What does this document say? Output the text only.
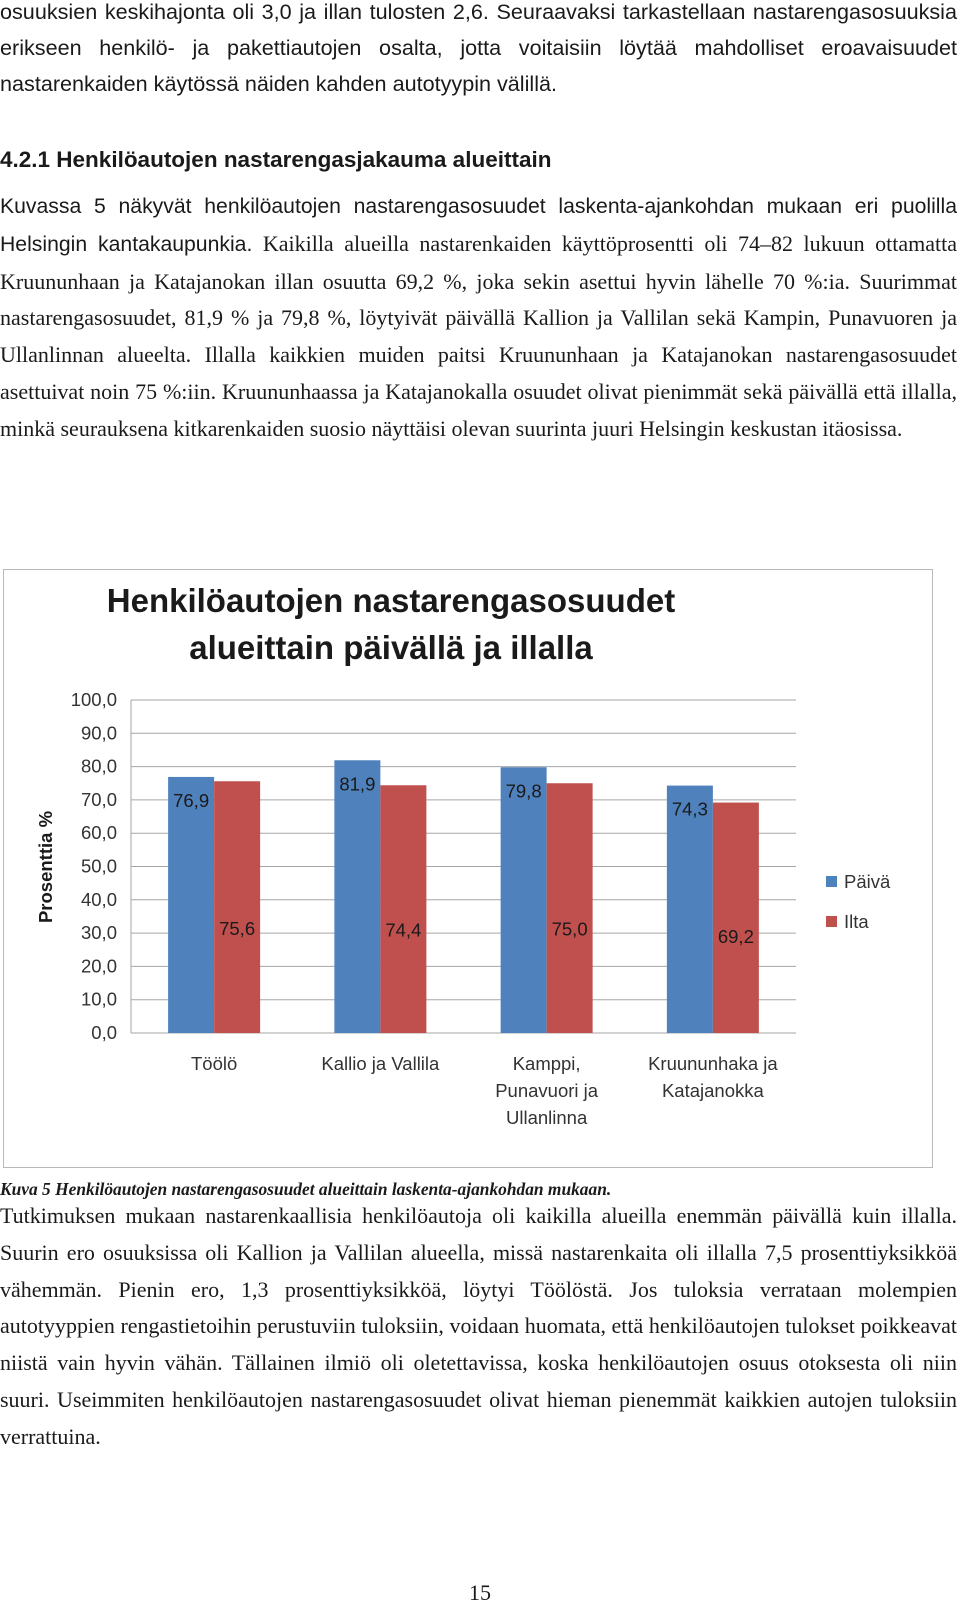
osuuksien keskihajonta oli 3,0 ja illan tulosten 2,6. Seuraavaksi tarkastellaan nastarengasosuuksia erikseen henkilö- ja pakettiautojen osalta, jotta voitaisiin löytää mahdolliset eroavaisuudet nastarenkaiden käytössä näiden kahden autotyypin välillä.
4.2.1 Henkilöautojen nastarengasjakauma alueittain
Kuvassa 5 näkyvät henkilöautojen nastarengasosuudet laskenta-ajankohdan mukaan eri puolilla Helsingin kantakaupunkia. Kaikilla alueilla nastarenkaiden käyttöprosentti oli 74–82 lukuun ottamatta Kruununhaan ja Katajanokan illan osuutta 69,2 %, joka sekin asettui hyvin lähelle 70 %:ia. Suurimmat nastarengasosuudet, 81,9 % ja 79,8 %, löytyivät päivällä Kallion ja Vallilan sekä Kampin, Punavuoren ja Ullanlinnan alueelta. Illalla kaikkien muiden paitsi Kruununhaan ja Katajanokan nastarengasosuudet asettuivat noin 75 %:iin. Kruununhaassa ja Katajanokalla osuudet olivat pienimmät sekä päivällä että illalla, minkä seurauksena kitkarenkaiden suosio näyttäisi olevan suurinta juuri Helsingin keskustan itäosissa.
Henkilöautojen nastarengasosuudet
alueittain päivällä ja illalla
0,0
10,0
20,0
30,0
40,0
50,0
60,0
70,0
80,0
90,0
100,0
Prosenttia %
76,9
75,6
Töölö
81,9
74,4
Kallio ja Vallila
79,8
75,0
Kamppi,
Punavuori ja
Ullanlinna
74,3
69,2
Kruununhaka ja
Katajanokka
Päivä
Ilta
Kuva 5 Henkilöautojen nastarengasosuudet alueittain laskenta-ajankohdan mukaan.
Tutkimuksen mukaan nastarenkaallisia henkilöautoja oli kaikilla alueilla enemmän päivällä kuin illalla. Suurin ero osuuksissa oli Kallion ja Vallilan alueella, missä nastarenkaita oli illalla 7,5 prosenttiyksikköä vähemmän. Pienin ero, 1,3 prosenttiyksikköä, löytyi Töölöstä. Jos tuloksia verrataan molempien autotyyppien rengastietoihin perustuviin tuloksiin, voidaan huomata, että henkilöautojen tulokset poikkeavat niistä vain hyvin vähän. Tällainen ilmiö oli oletettavissa, koska henkilöautojen osuus otoksesta oli niin suuri. Useimmiten henkilöautojen nastarengasosuudet olivat hieman pienemmät kaikkien autojen tuloksiin verrattuina.
15
